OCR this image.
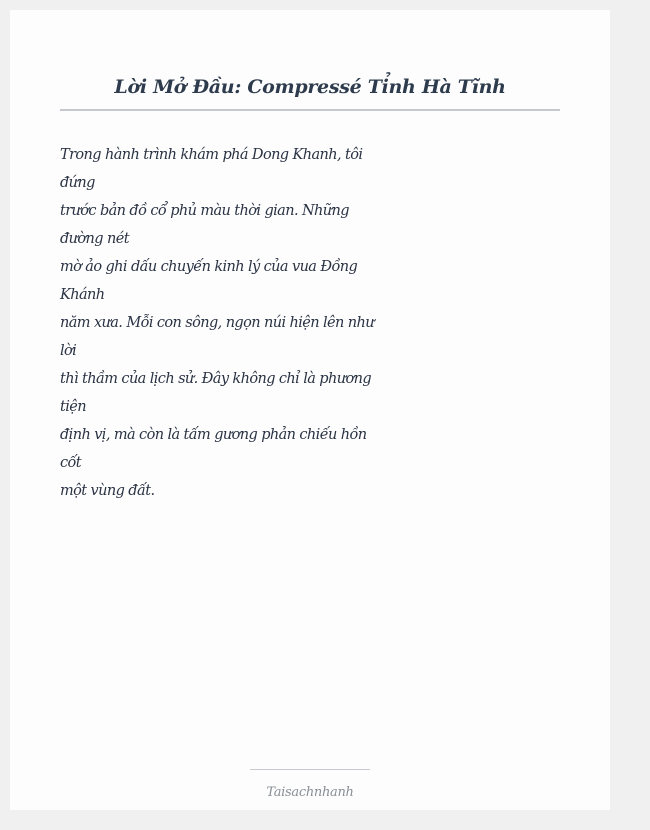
Lời Mở Đầu: Compressé Tỉnh Hà Tĩnh
Trong hành trình khám phá Dong Khanh, tôi
đứng
trước bản đồ cổ phủ màu thời gian. Những
đường nét
mờ ảo ghi dấu chuyến kinh lý của vua Đồng
Khánh
năm xưa. Mỗi con sông, ngọn núi hiện lên như
lời
thì thầm của lịch sử. Đây không chỉ là phương
tiện
định vị, mà còn là tấm gương phản chiếu hồn
cốt
một vùng đất.

Taisachnhanh
